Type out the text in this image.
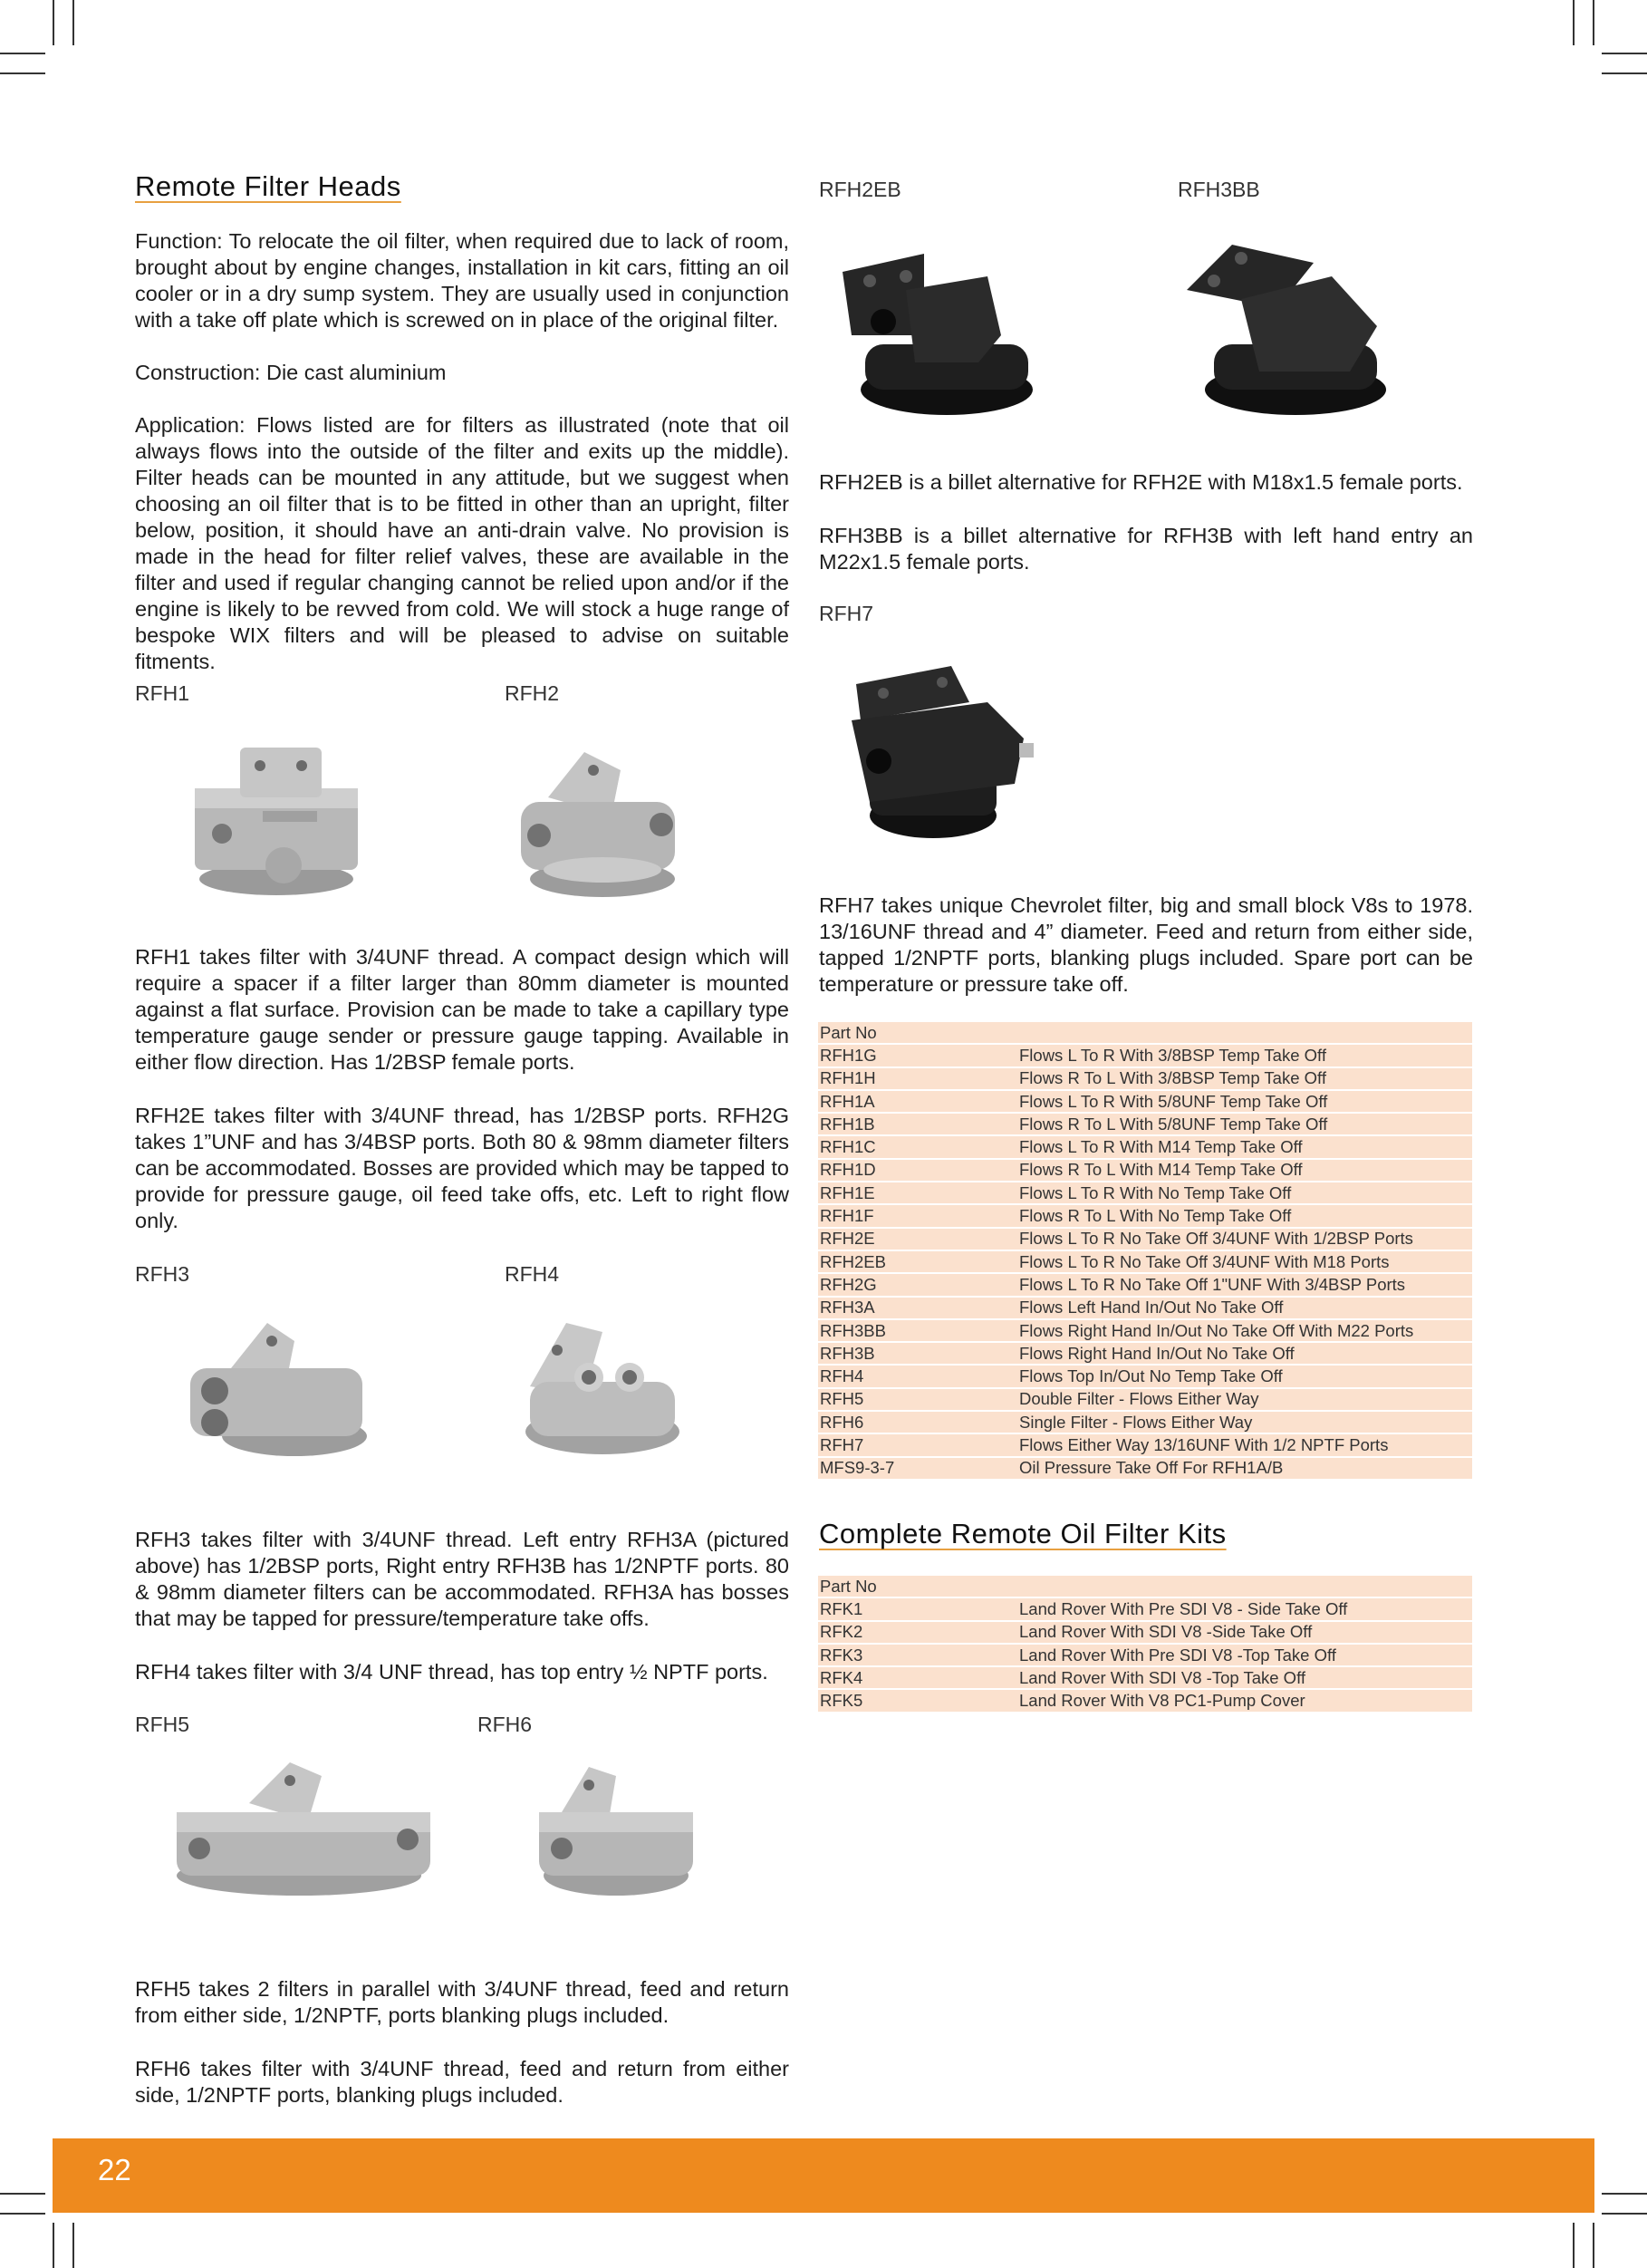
Remote Filter Heads

Function: To relocate the oil filter, when required due to lack of room, brought about by engine changes, installation in kit cars, fitting an oil cooler or in a dry sump system. They are usually used in conjunction with a take off plate which is screwed on in place of the original filter.

Construction: Die cast aluminium

Application: Flows listed are for filters as illustrated (note that oil always flows into the outside of the filter and exits up the middle). Filter heads can be mounted in any attitude, but we suggest when choosing an oil filter that is to be fitted in other than an upright, filter below, position, it should have an anti-drain valve. No provision is made in the head for filter relief valves, these are available in the filter and used if regular changing cannot be relied upon and/or if the engine is likely to be revved from cold. We will stock a huge range of bespoke WIX filters and will be pleased to advise on suitable fitments.

RFH1	RFH2

RFH1 takes filter with 3/4UNF thread. A compact design which will require a spacer if a filter larger than 80mm diameter is mounted against a flat surface. Provision can be made to take a capillary type temperature gauge sender or pressure gauge tapping. Available in either flow direction. Has 1/2BSP female ports.

RFH2E takes filter with 3/4UNF thread, has 1/2BSP ports. RFH2G takes 1”UNF and has 3/4BSP ports. Both 80 & 98mm diameter filters can be accommodated. Bosses are provided which may be tapped to provide for pressure gauge, oil feed take offs, etc. Left to right flow only.

RFH3	RFH4

RFH3 takes filter with 3/4UNF thread. Left entry RFH3A (pictured above) has 1/2BSP ports, Right entry RFH3B has 1/2NPTF ports. 80 & 98mm diameter filters can be accommodated. RFH3A has bosses that may be tapped for pressure/temperature take offs.

RFH4 takes filter with 3/4 UNF thread, has top entry ½ NPTF ports.

RFH5	RFH6

RFH5 takes 2 filters in parallel with 3/4UNF thread, feed and return from either side, 1/2NPTF, ports blanking plugs included.

RFH6 takes filter with 3/4UNF thread, feed and return from either side, 1/2NPTF ports, blanking plugs included.

RFH2EB	RFH3BB

RFH2EB is a billet alternative for RFH2E with M18x1.5 female ports.

RFH3BB is a billet alternative for RFH3B with left hand entry an M22x1.5 female ports.

RFH7

RFH7 takes unique Chevrolet filter, big and small block V8s to 1978. 13/16UNF thread and 4” diameter. Feed and return from either side, tapped 1/2NPTF ports, blanking plugs included. Spare port can be temperature or pressure take off.

Part No	
RFH1G	Flows L To R With 3/8BSP Temp Take Off
RFH1H	Flows R To L With 3/8BSP Temp Take Off
RFH1A	Flows L To R With 5/8UNF Temp Take Off
RFH1B	Flows R To L With 5/8UNF Temp Take Off
RFH1C	Flows L To R With M14 Temp Take Off
RFH1D	Flows R To L With M14 Temp Take Off
RFH1E	Flows L To R With No Temp Take Off
RFH1F	Flows R To L With No Temp Take Off
RFH2E	Flows L To R No Take Off 3/4UNF With 1/2BSP Ports
RFH2EB	Flows L To R No Take Off 3/4UNF With M18 Ports
RFH2G	Flows L To R No Take Off 1"UNF With 3/4BSP Ports
RFH3A	Flows Left Hand In/Out No Take Off
RFH3BB	Flows Right Hand In/Out No Take Off With M22 Ports
RFH3B	Flows Right Hand In/Out No Take Off
RFH4	Flows Top In/Out No Temp Take Off
RFH5	Double Filter - Flows Either Way
RFH6	Single Filter - Flows Either Way
RFH7	Flows Either Way 13/16UNF With 1/2 NPTF Ports
MFS9-3-7	Oil Pressure Take Off For RFH1A/B
Complete Remote Oil Filter Kits
Part No	
RFK1	Land Rover With Pre SDI V8 - Side Take Off
RFK2	Land Rover With SDI V8 -Side Take Off
RFK3	Land Rover With Pre SDI V8 -Top Take Off
RFK4	Land Rover With SDI V8 -Top Take Off
RFK5	Land Rover With V8 PC1-Pump Cover
22
